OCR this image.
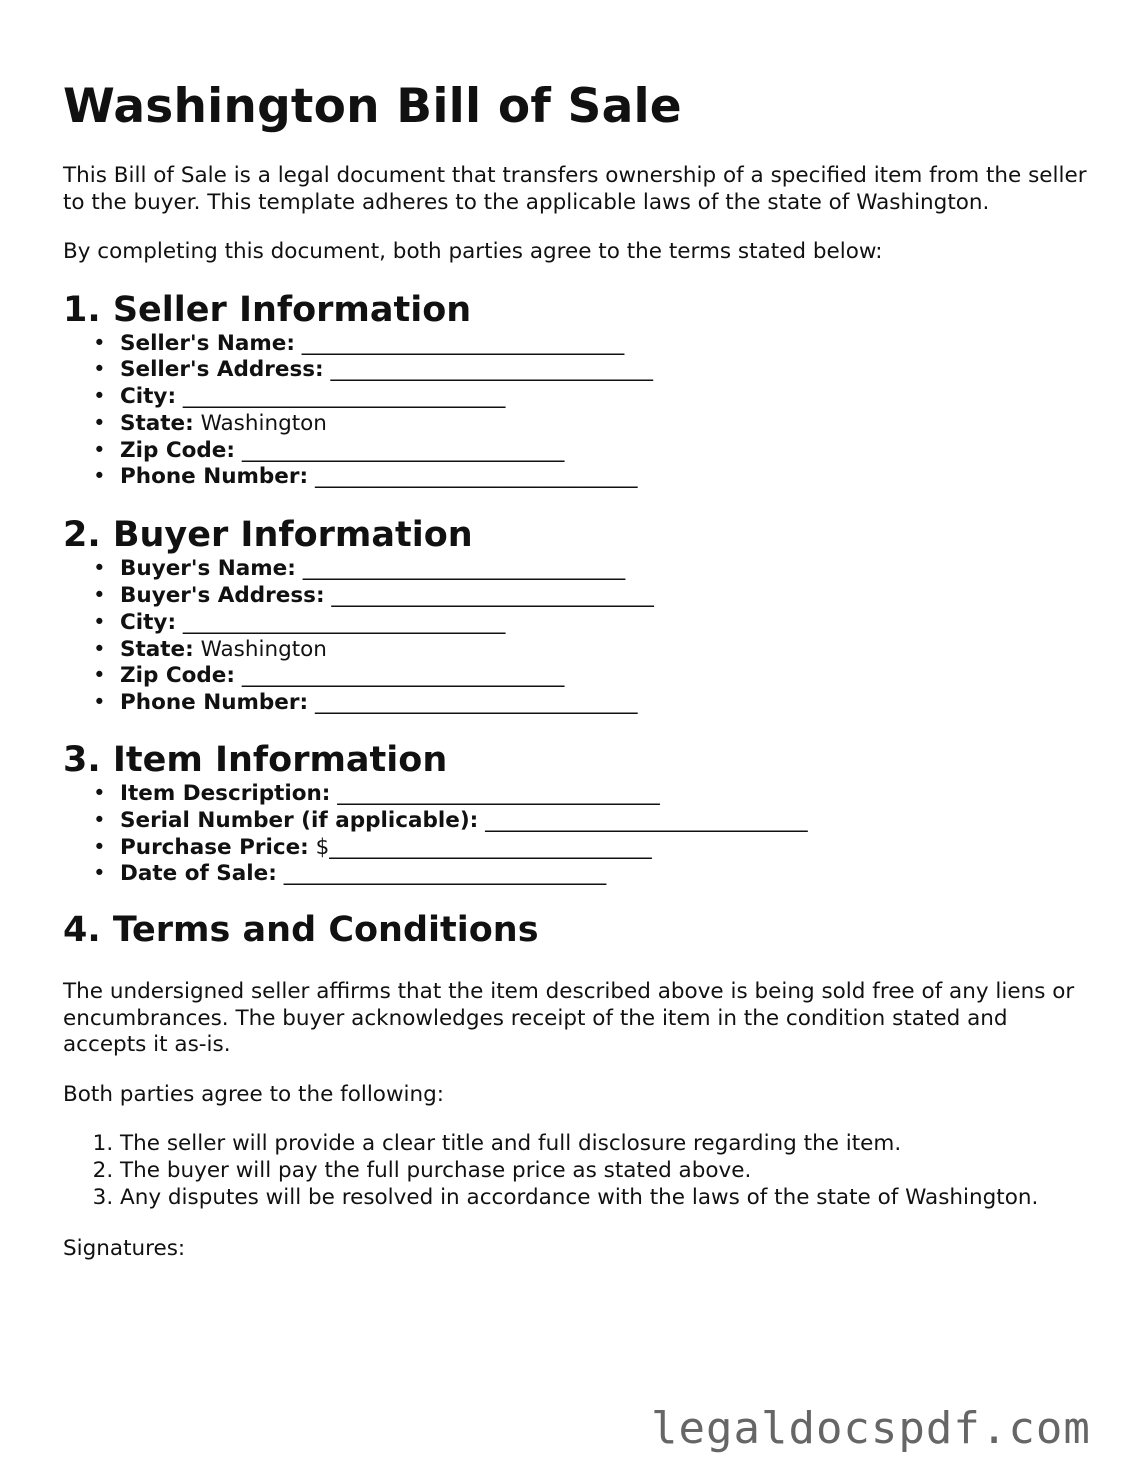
Washington Bill of Sale

This Bill of Sale is a legal document that transfers ownership of a specified item from the seller to the buyer. This template adheres to the applicable laws of the state of Washington.

By completing this document, both parties agree to the terms stated below:

1. Seller Information
• Seller's Name: ______________________________
• Seller's Address: ______________________________
• City: ______________________________
• State: Washington
• Zip Code: ______________________________
• Phone Number: ______________________________
2. Buyer Information
• Buyer's Name: ______________________________
• Buyer's Address: ______________________________
• City: ______________________________
• State: Washington
• Zip Code: ______________________________
• Phone Number: ______________________________
3. Item Information
• Item Description: ______________________________
• Serial Number (if applicable): ______________________________
• Purchase Price: $______________________________
• Date of Sale: ______________________________
4. Terms and Conditions

The undersigned seller affirms that the item described above is being sold free of any liens or encumbrances. The buyer acknowledges receipt of the item in the condition stated and accepts it as-is.

Both parties agree to the following:

1. The seller will provide a clear title and full disclosure regarding the item.
2. The buyer will pay the full purchase price as stated above.
3. Any disputes will be resolved in accordance with the laws of the state of Washington.

Signatures:

legaldocspdf.com
